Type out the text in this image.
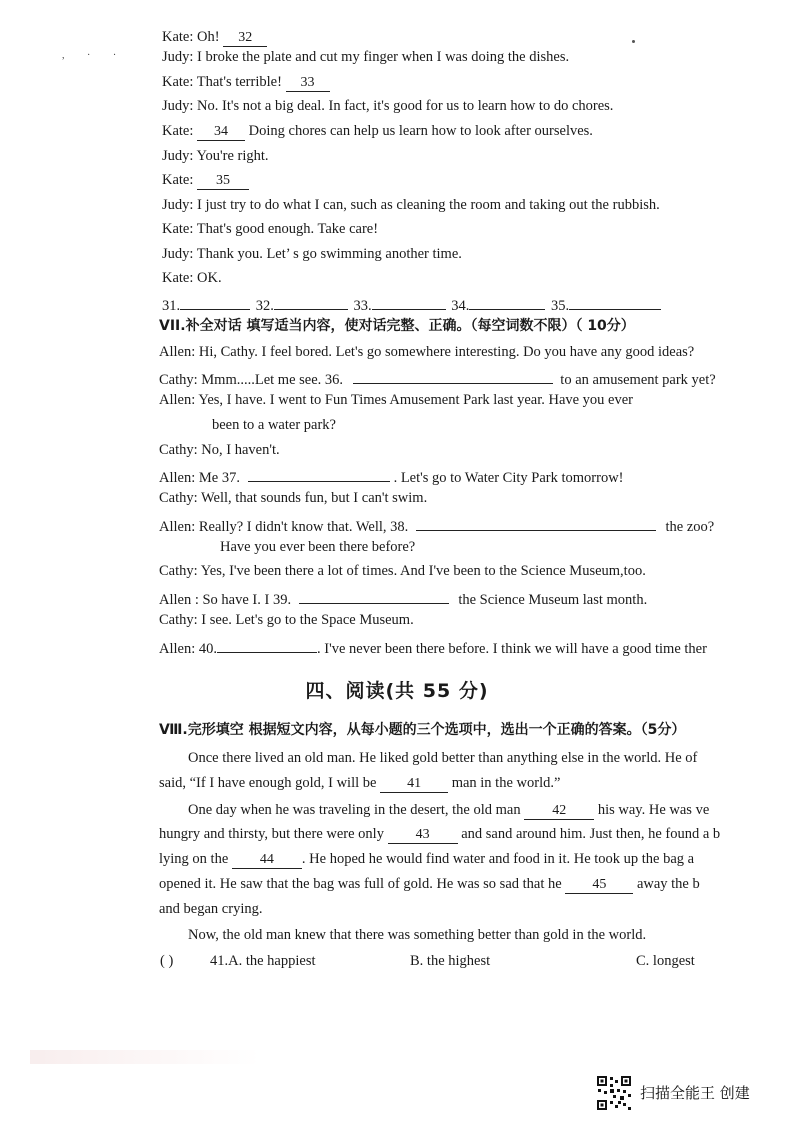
, · ·
Kate: Oh! 32
Judy: I broke the plate and cut my finger when I was doing the dishes.
Kate: That's terrible! 33
Judy: No. It's not a big deal. In fact, it's good for us to learn how to do chores.
Kate: 34 Doing chores can help us learn how to look after ourselves.
Judy: You're right.
Kate: 35
Judy: I just try to do what I can, such as cleaning the room and taking out the rubbish.
Kate: That's good enough. Take care!
Judy: Thank you. Let’ s go swimming another time.
Kate: OK.
31.	32.	33.	34.	35.
VII.补全对话 填写适当内容，使对话完整、正确。（每空词数不限）（ 10分）
Allen: Hi, Cathy. I feel bored. Let's go somewhere interesting. Do you have any good ideas?
Cathy: Mmm.....Let me see. 36.	to an amusement park yet?
Allen: Yes, I have. I went to Fun Times Amusement Park last year. Have you ever
been to a water park?
Cathy: No, I haven't.
Allen: Me 37.	. Let's go to Water City Park tomorrow!
Cathy: Well, that sounds fun, but I can't swim.
Allen: Really? I didn't know that. Well, 38.	the zoo?
Have you ever been there before?
Cathy: Yes, I've been there a lot of times. And I've been to the Science Museum,too.
Allen : So have I. I 39.	the Science Museum last month.
Cathy: I see. Let's go to the Space Museum.
Allen: 40.	. I've never been there before. I think we will have a good time ther
四、阅读(共 55 分)
Ⅷ.完形填空 根据短文内容，从每小题的三个选项中，选出一个正确的答案。（5分）
Once there lived an old man. He liked gold better than anything else in the world. He of
said, “If I have enough gold, I will be 41 man in the world.”
One day when he was traveling in the desert, the old man 42 his way. He was ve
hungry and thirsty, but there were only 43 and sand around him. Just then, he found a b
lying on the 44 . He hoped he would find water and food in it. He took up the bag a
opened it. He saw that the bag was full of gold. He was so sad that he 45 away the b
and began crying.
Now, the old man knew that there was something better than gold in the world.
( )	41.A. the happiest	B. the highest	C. longest
扫描全能王 创建
